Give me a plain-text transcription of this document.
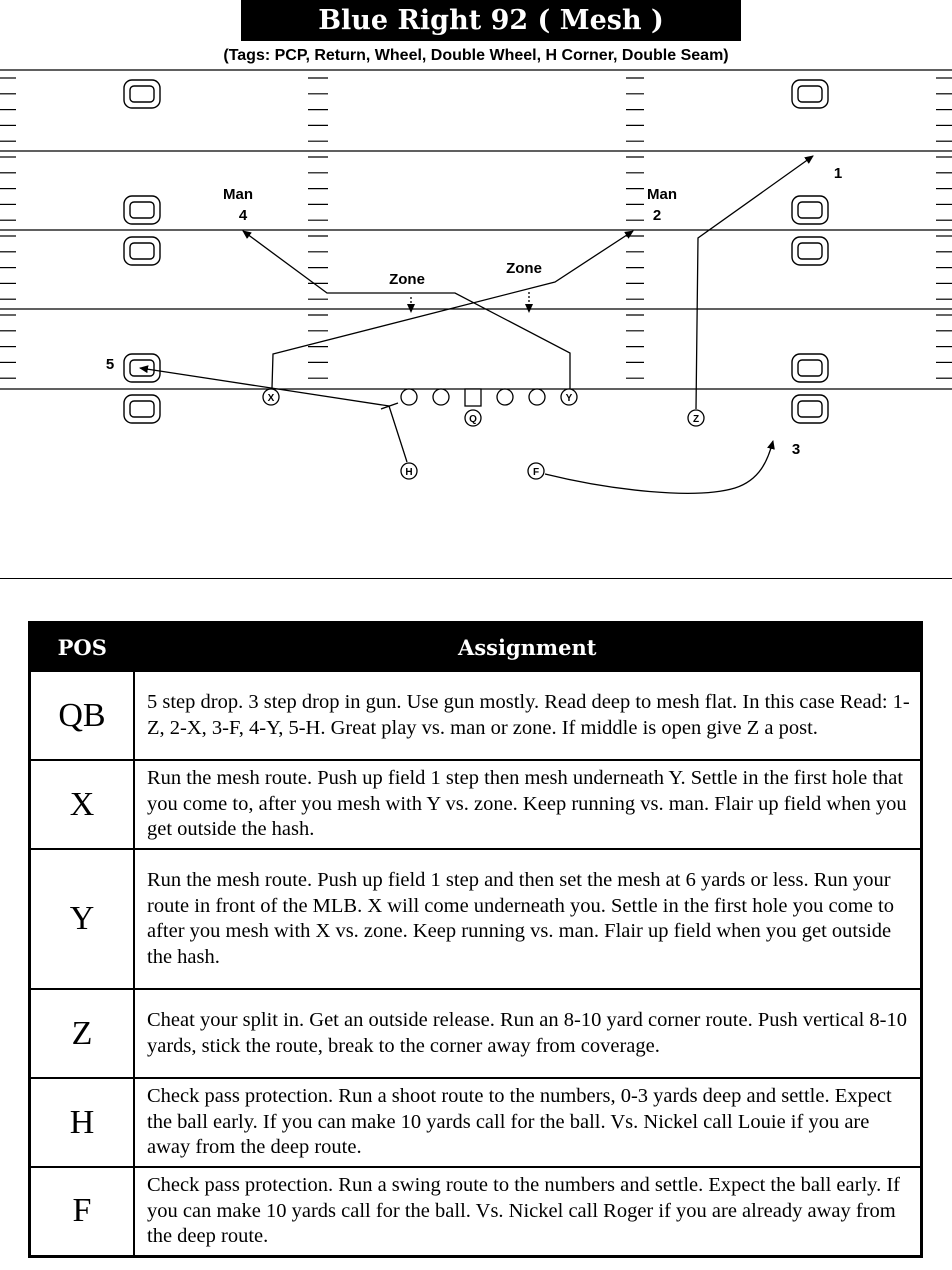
Blue Right 92 ( Mesh )
(Tags: PCP, Return, Wheel, Double Wheel, H Corner, Double Seam)
X	Y
Z
H	F
Q
Man
4
Man
2
Zone
Zone
1
3
5
POS	Assignment
QB	5 step drop. 3 step drop in gun. Use gun mostly. Read deep to mesh flat. In this case Read: 1-Z, 2-X, 3-F, 4-Y, 5-H. Great play vs. man or zone. If middle is open give Z a post.
X	Run the mesh route. Push up field 1 step then mesh underneath Y. Settle in the first hole that you come to, after you mesh with Y vs. zone. Keep running vs. man. Flair up field when you get outside the hash.
Y	Run the mesh route. Push up field 1 step and then set the mesh at 6 yards or less. Run your route in front of the MLB. X will come underneath you. Settle in the first hole you come to after you mesh with X vs. zone. Keep running vs. man. Flair up field when you get outside the hash.
Z	Cheat your split in. Get an outside release. Run an 8-10 yard corner route. Push vertical 8-10 yards, stick the route, break to the corner away from coverage.
H	Check pass protection. Run a shoot route to the numbers, 0-3 yards deep and settle. Expect the ball early. If you can make 10 yards call for the ball. Vs. Nickel call Louie if you are away from the deep route.
F	Check pass protection. Run a swing route to the numbers and settle. Expect the ball early. If you can make 10 yards call for the ball. Vs. Nickel call Roger if you are already away from the deep route.
